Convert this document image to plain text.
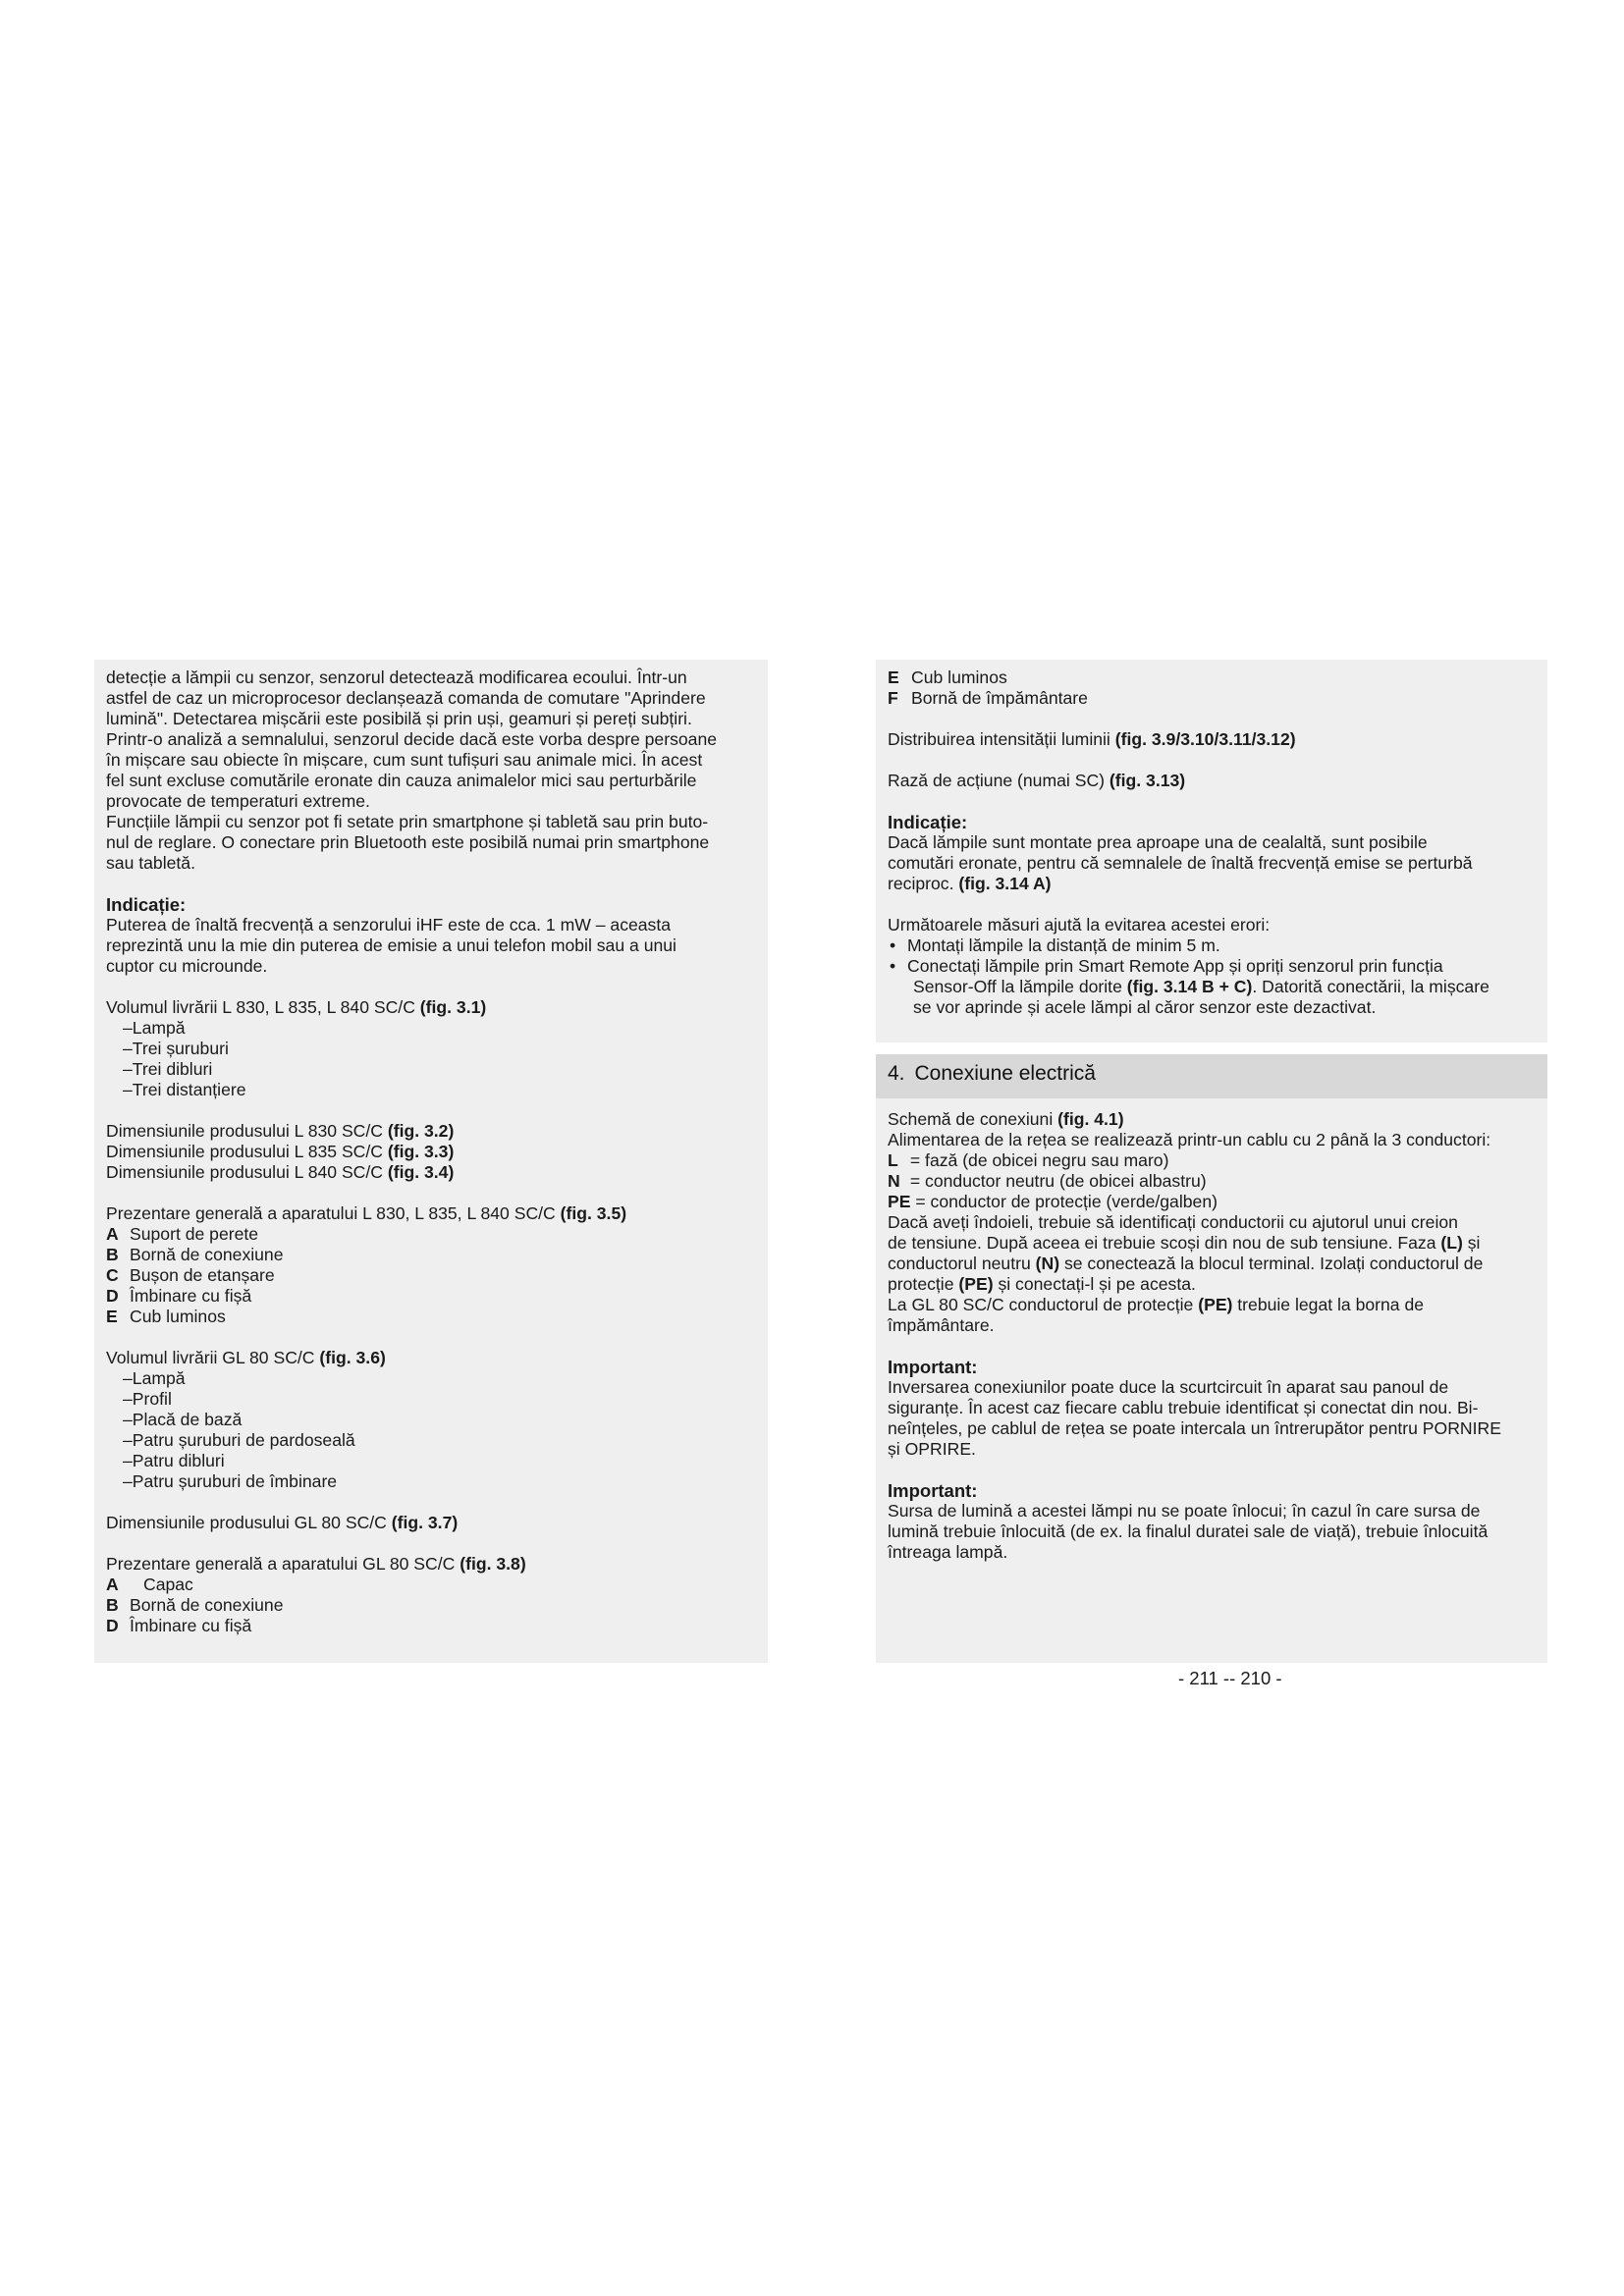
detecție a lămpii cu senzor, senzorul detectează modificarea ecoului. Într-un

astfel de caz un microprocesor declanșează comanda de comutare "Aprindere

lumină". Detectarea mișcării este posibilă și prin uși, geamuri și pereți subțiri.

Printr-o analiză a semnalului, senzorul decide dacă este vorba despre persoane

în mișcare sau obiecte în mișcare, cum sunt tufișuri sau animale mici. În acest

fel sunt excluse comutările eronate din cauza animalelor mici sau perturbările

provocate de temperaturi extreme.

Funcțiile lămpii cu senzor pot fi setate prin smartphone și tabletă sau prin buto-

nul de reglare. O conectare prin Bluetooth este posibilă numai prin smartphone

sau tabletă.

Indicație:

Puterea de înaltă frecvență a senzorului iHF este de cca. 1 mW – aceasta

reprezintă unu la mie din puterea de emisie a unui telefon mobil sau a unui

cuptor cu microunde.

Volumul livrării L 830, L 835, L 840 SC/C (fig. 3.1)

–Lampă

–Trei șuruburi

–Trei dibluri

–Trei distanțiere

Dimensiunile produsului L 830 SC/C (fig. 3.2)

Dimensiunile produsului L 835 SC/C (fig. 3.3)

Dimensiunile produsului L 840 SC/C (fig. 3.4)

Prezentare generală a aparatului L 830, L 835, L 840 SC/C (fig. 3.5)

A Suport de perete

B Bornă de conexiune

C Bușon de etanșare

D Îmbinare cu fișă

E Cub luminos

Volumul livrării GL 80 SC/C (fig. 3.6)

–Lampă

–Profil

–Placă de bază

–Patru șuruburi de pardoseală

–Patru dibluri

–Patru șuruburi de îmbinare

Dimensiunile produsului GL 80 SC/C (fig. 3.7)

Prezentare generală a aparatului GL 80 SC/C (fig. 3.8)

A Capac

B Bornă de conexiune

D Îmbinare cu fișă

E Cub luminos

F Bornă de împământare

Distribuirea intensității luminii (fig. 3.9/3.10/3.11/3.12)

Rază de acțiune (numai SC) (fig. 3.13)

Indicație:

Dacă lămpile sunt montate prea aproape una de cealaltă, sunt posibile

comutări eronate, pentru că semnalele de înaltă frecvență emise se perturbă

reciproc. (fig. 3.14 A)

Următoarele măsuri ajută la evitarea acestei erori:

• Montați lămpile la distanță de minim 5 m.

• Conectați lămpile prin Smart Remote App și opriți senzorul prin funcția

Sensor-Off la lămpile dorite (fig. 3.14 B + C). Datorită conectării, la mișcare

se vor aprinde și acele lămpi al căror senzor este dezactivat.

4. Conexiune electrică

Schemă de conexiuni (fig. 4.1)

Alimentarea de la rețea se realizează printr-un cablu cu 2 până la 3 conductori:

L = fază (de obicei negru sau maro)

N = conductor neutru (de obicei albastru)

PE = conductor de protecție (verde/galben)

Dacă aveți îndoieli, trebuie să identificați conductorii cu ajutorul unui creion

de tensiune. După aceea ei trebuie scoși din nou de sub tensiune. Faza (L) și

conductorul neutru (N) se conectează la blocul terminal. Izolați conductorul de

protecție (PE) și conectați-l și pe acesta.

La GL 80 SC/C conductorul de protecție (PE) trebuie legat la borna de

împământare.

Important:

Inversarea conexiunilor poate duce la scurtcircuit în aparat sau panoul de

siguranțe. În acest caz fiecare cablu trebuie identificat și conectat din nou. Bi-

neînțeles, pe cablul de rețea se poate intercala un întrerupător pentru PORNIRE

și OPRIRE.

Important:

Sursa de lumină a acestei lămpi nu se poate înlocui; în cazul în care sursa de

lumină trebuie înlocuită (de ex. la finalul duratei sale de viață), trebuie înlocuită

întreaga lampă.

- 211 -- 210 -
